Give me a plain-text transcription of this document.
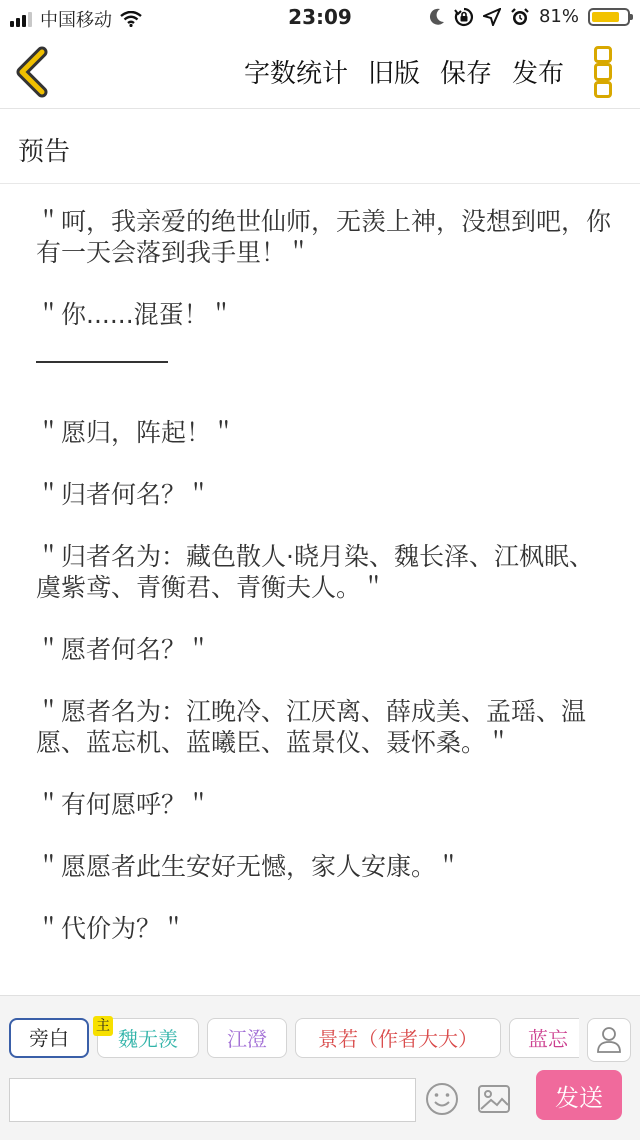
中国移动	23:09	81%
字数统计 旧版 保存 发布
预告

＂呵，我亲爱的绝世仙师，无羡上神，没想到吧，你有一天会落到我手里！＂

＂你......混蛋！＂

＂愿归，阵起！＂

＂归者何名？＂

＂归者名为：藏色散人·晓月染、魏长泽、江枫眠、虞紫鸢、青衡君、青衡夫人。＂

＂愿者何名？＂

＂愿者名为：江晚冷、江厌离、薛成美、孟瑶、温愿、蓝忘机、蓝曦臣、蓝景仪、聂怀桑。＂

＂有何愿呼？＂

＂愿愿者此生安好无憾，家人安康。＂

＂代价为？＂

旁白	魏无羡	江澄	景若（作者大大）	蓝忘
主
发送
